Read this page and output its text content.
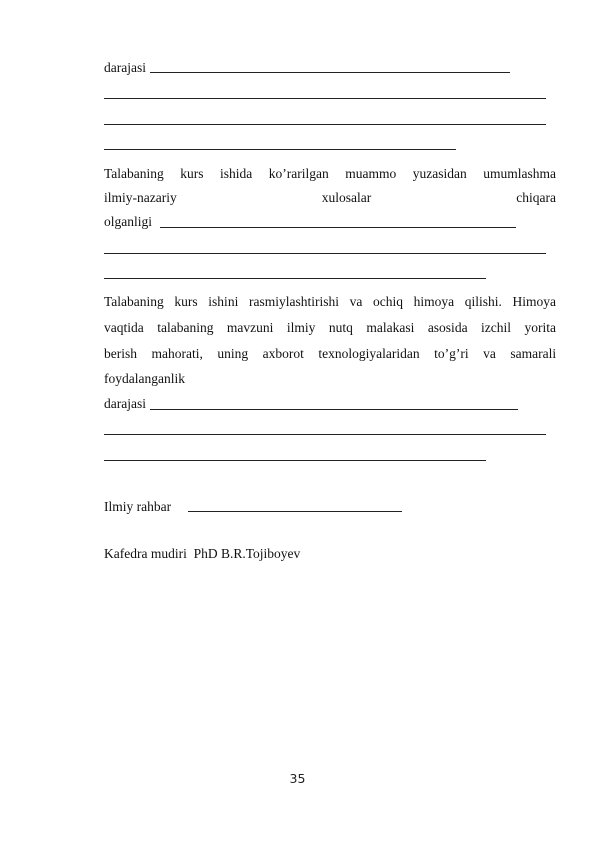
darajasi
Talabaning kurs ishida ko’rarilgan muammo yuzasidan umumlashma
ilmiy-nazariy	xulosalar	chiqara
olganligi
Talabaning kurs ishini rasmiylashtirishi va ochiq himoya qilishi. Himoya
vaqtida talabaning mavzuni ilmiy nutq malakasi asosida izchil yorita
berish mahorati, uning axborot texnologiyalaridan to’g’ri va samarali
foydalanganlik
darajasi
Ilmiy rahbar
Kafedra mudiri PhD B.R.Tojiboyev
35
